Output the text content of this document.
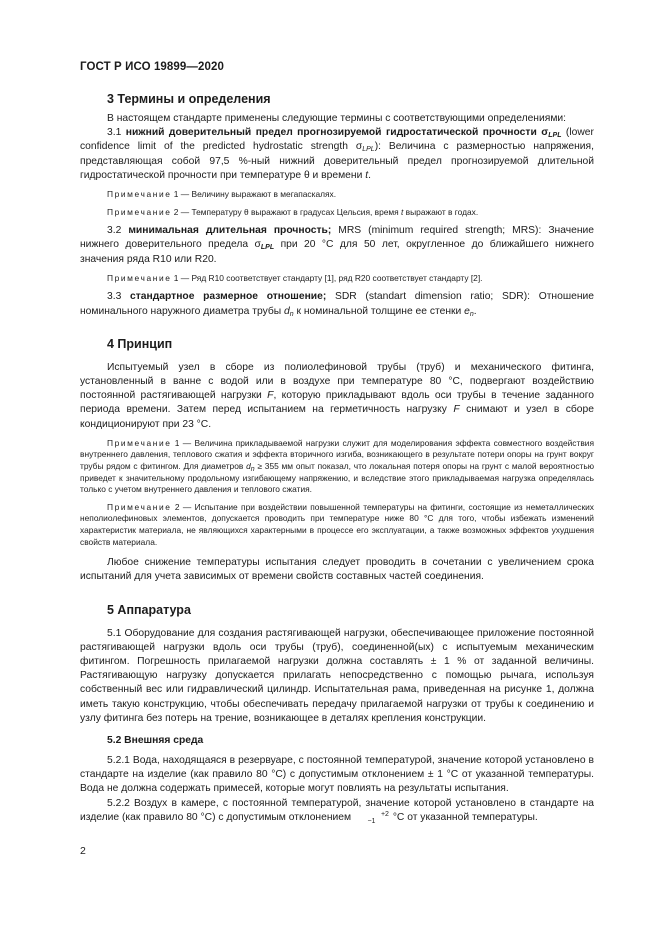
ГОСТ Р ИСО 19899—2020
3 Термины и определения

В настоящем стандарте применены следующие термины с соответствующими определениями:

3.1 нижний доверительный предел прогнозируемой гидростатической прочности $\sigma_{LPL}$ (lower confidence limit of the predicted hydrostatic strength $\sigma_{LPL}$): Величина с размерностью напряжения, представляющая собой 97,5 %-ный нижний доверительный предел прогнозируемой длительной гидростатической прочности при температуре θ и времени t.

Примечание 1 — Величину выражают в мегапаскалях.

Примечание 2 — Температуру θ выражают в градусах Цельсия, время t выражают в годах.

3.2 минимальная длительная прочность; MRS (minimum required strength; MRS): Значение нижнего доверительного предела $\sigma_{LPL}$ при 20 °С для 50 лет, округленное до ближайшего нижнего значения ряда R10 или R20.

Примечание 1 — Ряд R10 соответствует стандарту [1], ряд R20 соответствует стандарту [2].

3.3 стандартное размерное отношение; SDR (standart dimension ratio; SDR): Отношение номинального наружного диаметра трубы $d_n$ к номинальной толщине ее стенки $e_n$.

4 Принцип

Испытуемый узел в сборе из полиолефиновой трубы (труб) и механического фитинга, установленный в ванне с водой или в воздухе при температуре 80 °С, подвергают воздействию постоянной растягивающей нагрузки F, которую прикладывают вдоль оси трубы в течение заданного периода времени. Затем перед испытанием на герметичность нагрузку F снимают и узел в сборе кондиционируют при 23 °С.

Примечание 1 — Величина прикладываемой нагрузки служит для моделирования эффекта совместного воздействия внутреннего давления, теплового сжатия и эффекта вторичного изгиба, возникающего в результате потери опоры на грунт вокруг трубы рядом с фитингом. Для диаметров $d_n \ge 355$ мм опыт показал, что локальная потеря опоры на грунт с малой вероятностью приведет к значительному продольному изгибающему напряжению, и вследствие этого прикладываемая нагрузка определялась только с учетом внутреннего давления и теплового сжатия.

Примечание 2 — Испытание при воздействии повышенной температуры на фитинги, состоящие из неметаллических неполиолефиновых элементов, допускается проводить при температуре ниже 80 °С для того, чтобы избежать изменений характеристик материала, не являющихся характерными в процессе его эксплуатации, а также возможных эффектов ухудшения свойств материала.

Любое снижение температуры испытания следует проводить в сочетании с увеличением срока испытаний для учета зависимых от времени свойств составных частей соединения.

5 Аппаратура

5.1 Оборудование для создания растягивающей нагрузки, обеспечивающее приложение постоянной растягивающей нагрузки вдоль оси трубы (труб), соединенной(ых) с испытуемым механическим фитингом. Погрешность прилагаемой нагрузки должна составлять ± 1 % от заданной величины. Растягивающую нагрузку допускается прилагать непосредственно с помощью рычага, используя собственный вес или гидравлический цилиндр. Испытательная рама, приведенная на рисунке 1, должна иметь такую конструкцию, чтобы обеспечивать передачу прилагаемой нагрузки от трубы к соединению и узлу фитинга без потерь на трение, возникающее в деталях крепления конструкции.

5.2 Внешняя среда

5.2.1 Вода, находящаяся в резервуаре, с постоянной температурой, значение которой установлено в стандарте на изделие (как правило 80 °С) с допустимым отклонением ± 1 °С от указанной температуры. Вода не должна содержать примесей, которые могут повлиять на результаты испытания.

5.2.2 Воздух в камере, с постоянной температурой, значение которой установлено в стандарте на изделие (как правило 80 °С) с допустимым отклонением	+2
−1 °С от указанной температуры.

2
